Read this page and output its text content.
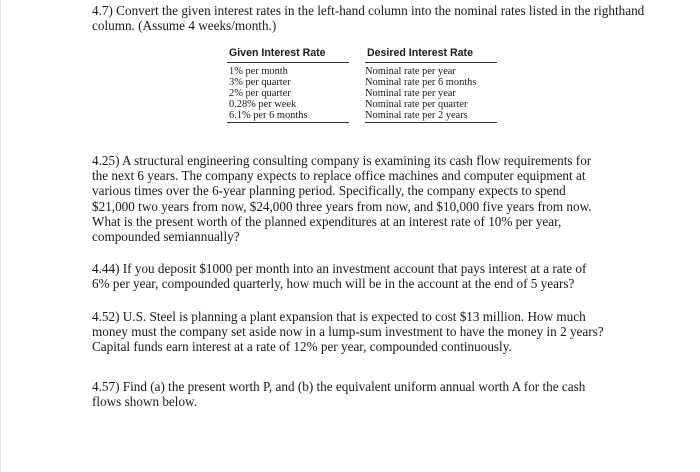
4.7) Convert the given interest rates in the left-hand column into the nominal rates listed in the righthand column. (Assume 4 weeks/month.)
Given Interest Rate		Desired Interest Rate
1% per month		Nominal rate per year
3% per quarter		Nominal rate per 6 months
2% per quarter		Nominal rate per year
0.28% per week		Nominal rate per quarter
6.1% per 6 months		Nominal rate per 2 years
4.25) A structural engineering consulting company is examining its cash flow requirements for the next 6 years. The company expects to replace office machines and computer equipment at various times over the 6-year planning period. Specifically, the company expects to spend $21,000 two years from now, $24,000 three years from now, and $10,000 five years from now. What is the present worth of the planned expenditures at an interest rate of 10% per year, compounded semiannually?
4.44) If you deposit $1000 per month into an investment account that pays interest at a rate of 6% per year, compounded quarterly, how much will be in the account at the end of 5 years?
4.52) U.S. Steel is planning a plant expansion that is expected to cost $13 million. How much money must the company set aside now in a lump-sum investment to have the money in 2 years? Capital funds earn interest at a rate of 12% per year, compounded continuously.
4.57) Find (a) the present worth P, and (b) the equivalent uniform annual worth A for the cash flows shown below.
